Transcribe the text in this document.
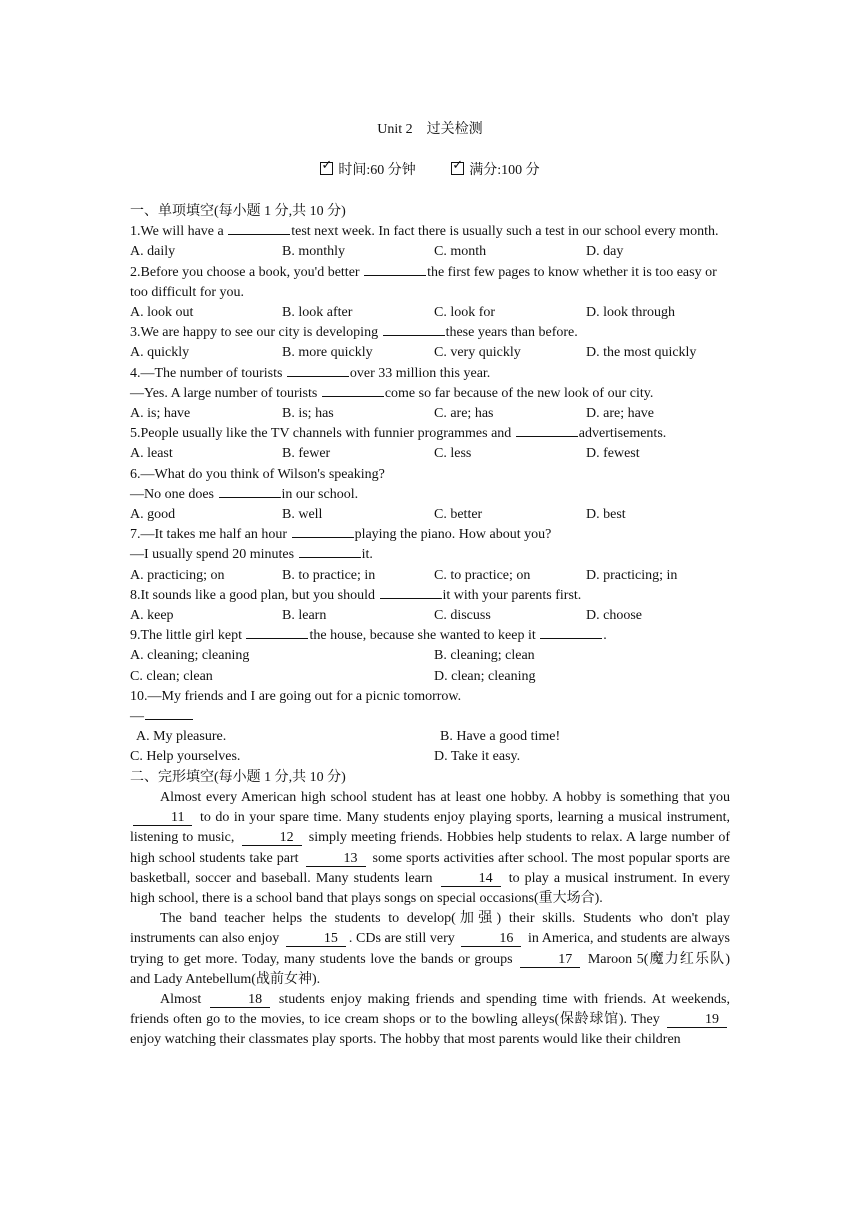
Unit 2　过关检测
✓时间:60 分钟 ✓	满分:100 分
一、单项填空(每小题 1 分,共 10 分)
1.We will have a	test next week. In fact there is usually such a test in our school every month.
A. daily	B. monthly	C. month	D. day
2.Before you choose a book, you'd better	the first few pages to know whether it is too easy or too difficult for you.
A. look out	B. look after	C. look for	D. look through
3.We are happy to see our city is developing	these years than before.
A. quickly	B. more quickly	C. very quickly	D. the most quickly
4.—The number of tourists	over 33 million this year.
—Yes. A large number of tourists	come so far because of the new look of our city.
A. is; have	B. is; has	C. are; has	D. are; have
5.People usually like the TV channels with funnier programmes and	advertisements.
A. least	B. fewer	C. less	D. fewest
6.—What do you think of Wilson's speaking?
—No one does	in our school.
A. good	B. well	C. better	D. best
7.—It takes me half an hour	playing the piano. How about you?
—I usually spend 20 minutes	it.
A. practicing; on	B. to practice; in	C. to practice; on	D. practicing; in
8.It sounds like a good plan, but you should	it with your parents first.
A. keep	B. learn	C. discuss	D. choose
9.The little girl kept	the house, because she wanted to keep it	.
A. cleaning; cleaning	B. cleaning; clean
C. clean; clean	D. clean; cleaning
10.—My friends and I are going out for a picnic tomorrow.
—
A. My pleasure.	B. Have a good time!
C. Help yourselves.	D. Take it easy.
二、完形填空(每小题 1 分,共 10 分)
Almost every American high school student has at least one hobby. A hobby is something that you 11 to do in your spare time. Many students enjoy playing sports, learning a musical instrument, listening to music,	12 simply meeting friends. Hobbies help students to relax. A large number of high school students take part	13 some sports activities after school. The most popular sports are basketball, soccer and baseball. Many students learn	14 to play a musical instrument. In every high school, there is a school band that plays songs on special occasions(重大场合).
The band teacher helps the students to develop(加强) their skills. Students who don't play instruments can also enjoy	15 . CDs are still very	16 in America, and students are always trying to get more. Today, many students love the bands or groups	17 Maroon 5(魔力红乐队) and Lady Antebellum(战前女神).
Almost	18 students enjoy making friends and spending time with friends. At weekends, friends often go to the movies, to ice cream shops or to the bowling alleys(保龄球馆). They	19 enjoy watching their classmates play sports. The hobby that most parents would like their children
